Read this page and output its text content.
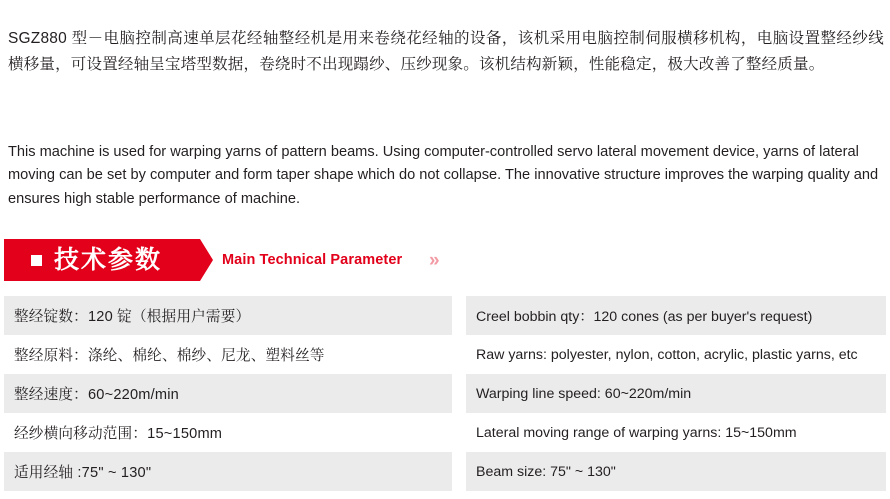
SGZ880 型－电脑控制高速单层花经轴整经机是用来卷绕花经轴的设备，该机采用电脑控制伺服横移机构，电脑设置整经纱线横移量，可设置经轴呈宝塔型数据，卷绕时不出现蹋纱、压纱现象。该机结构新颖，性能稳定，极大改善了整经质量。

This machine is used for warping yarns of pattern beams. Using computer-controlled servo lateral movement device, yarns of lateral moving can be set by computer and form taper shape which do not collapse. The innovative structure improves the warping quality and ensures high stable performance of machine.

技术参数	Main Technical Parameter »
整经锭数：120 锭（根据用户需要）	Creel bobbin qty：120 cones (as per buyer's request)
整经原料：涤纶、棉纶、棉纱、尼龙、塑料丝等	Raw yarns: polyester, nylon, cotton, acrylic, plastic yarns, etc
整经速度：60~220m/min	Warping line speed: 60~220m/min
经纱横向移动范围：15~150mm	Lateral moving range of warping yarns: 15~150mm
适用经轴 :75" ~ 130"	Beam size: 75" ~ 130"
